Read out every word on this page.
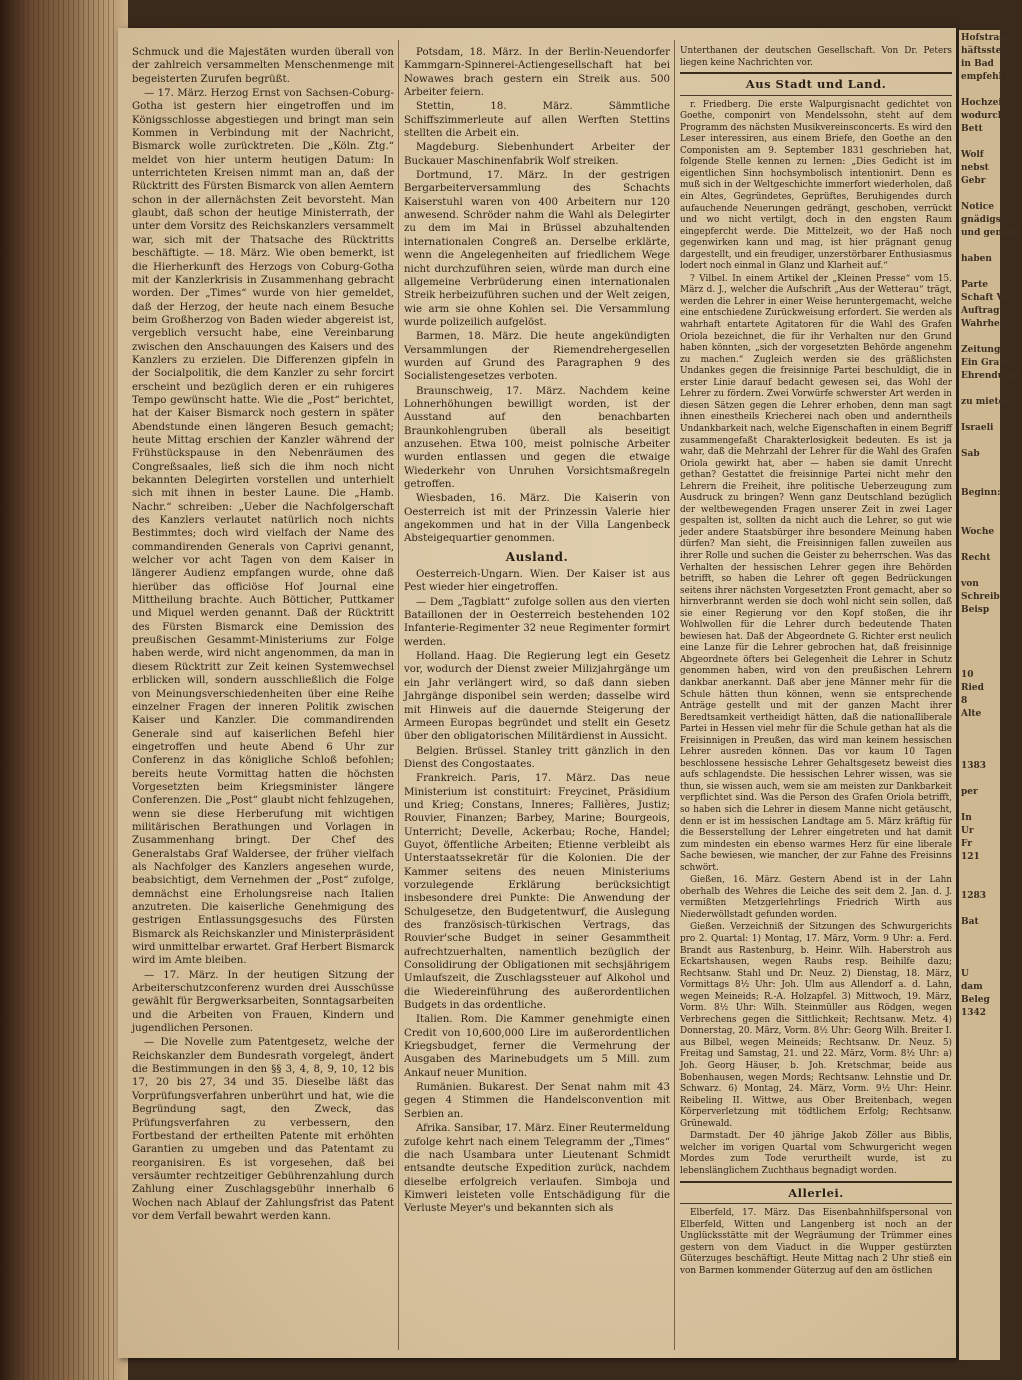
Schmuck und die Majestäten wurden überall von der zahlreich versammelten Menschenmenge mit begeisterten Zurufen begrüßt.

— 17. März. Herzog Ernst von Sachsen-Coburg-Gotha ist gestern hier eingetroffen und im Königsschlosse abgestiegen und bringt man sein Kommen in Verbindung mit der Nachricht, Bismarck wolle zurücktreten. Die „Köln. Ztg.“ meldet von hier unterm heutigen Datum: In unterrichteten Kreisen nimmt man an, daß der Rücktritt des Fürsten Bismarck von allen Aemtern schon in der allernächsten Zeit bevorsteht. Man glaubt, daß schon der heutige Ministerrath, der unter dem Vorsitz des Reichskanzlers versammelt war, sich mit der Thatsache des Rücktritts beschäftigte. — 18. März. Wie oben bemerkt, ist die Hierherkunft des Herzogs von Coburg-Gotha mit der Kanzlerkrisis in Zusammenhang gebracht worden. Der „Times“ wurde von hier gemeldet, daß der Herzog, der heute nach einem Besuche beim Großherzog von Baden wieder abgereist ist, vergeblich versucht habe, eine Vereinbarung zwischen den Anschauungen des Kaisers und des Kanzlers zu erzielen. Die Differenzen gipfeln in der Socialpolitik, die dem Kanzler zu sehr forcirt erscheint und bezüglich deren er ein ruhigeres Tempo gewünscht hatte. Wie die „Post“ berichtet, hat der Kaiser Bismarck noch gestern in später Abendstunde einen längeren Besuch gemacht; heute Mittag erschien der Kanzler während der Frühstückspause in den Nebenräumen des Congreßsaales, ließ sich die ihm noch nicht bekannten Delegirten vorstellen und unterhielt sich mit ihnen in bester Laune. Die „Hamb. Nachr.“ schreiben: „Ueber die Nachfolgerschaft des Kanzlers verlautet natürlich noch nichts Bestimmtes; doch wird vielfach der Name des commandirenden Generals von Caprivi genannt, welcher vor acht Tagen von dem Kaiser in längerer Audienz empfangen wurde, ohne daß hierüber das officiöse Hof Journal eine Mittheilung brachte. Auch Bötticher, Puttkamer und Miquel werden genannt. Daß der Rücktritt des Fürsten Bismarck eine Demission des preußischen Gesammt-Ministeriums zur Folge haben werde, wird nicht angenommen, da man in diesem Rücktritt zur Zeit keinen Systemwechsel erblicken will, sondern ausschließlich die Folge von Meinungsverschiedenheiten über eine Reihe einzelner Fragen der inneren Politik zwischen Kaiser und Kanzler. Die commandirenden Generale sind auf kaiserlichen Befehl hier eingetroffen und heute Abend 6 Uhr zur Conferenz in das königliche Schloß befohlen; bereits heute Vormittag hatten die höchsten Vorgesetzten beim Kriegsminister längere Conferenzen. Die „Post“ glaubt nicht fehlzugehen, wenn sie diese Herberufung mit wichtigen militärischen Berathungen und Vorlagen in Zusammenhang bringt. Der Chef des Generalstabs Graf Waldersee, der früher vielfach als Nachfolger des Kanzlers angesehen wurde, beabsichtigt, dem Vernehmen der „Post“ zufolge, demnächst eine Erholungsreise nach Italien anzutreten. Die kaiserliche Genehmigung des gestrigen Entlassungsgesuchs des Fürsten Bismarck als Reichskanzler und Ministerpräsident wird unmittelbar erwartet. Graf Herbert Bismarck wird im Amte bleiben.

— 17. März. In der heutigen Sitzung der Arbeiterschutzconferenz wurden drei Ausschüsse gewählt für Bergwerksarbeiten, Sonntagsarbeiten und die Arbeiten von Frauen, Kindern und jugendlichen Personen.

— Die Novelle zum Patentgesetz, welche der Reichskanzler dem Bundesrath vorgelegt, ändert die Bestimmungen in den §§ 3, 4, 8, 9, 10, 12 bis 17, 20 bis 27, 34 und 35. Dieselbe läßt das Vorprüfungsverfahren unberührt und hat, wie die Begründung sagt, den Zweck, das Prüfungsverfahren zu verbessern, den Fortbestand der ertheilten Patente mit erhöhten Garantien zu umgeben und das Patentamt zu reorganisiren. Es ist vorgesehen, daß bei versäumter rechtzeitiger Gebührenzahlung durch Zahlung einer Zuschlagsgebühr innerhalb 6 Wochen nach Ablauf der Zahlungsfrist das Patent vor dem Verfall bewahrt werden kann.

Potsdam, 18. März. In der Berlin-Neuendorfer Kammgarn-Spinnerei-Actiengesellschaft hat bei Nowawes brach gestern ein Streik aus. 500 Arbeiter feiern.

Stettin, 18. März. Sämmtliche Schiffszimmerleute auf allen Werften Stettins stellten die Arbeit ein.

Magdeburg. Siebenhundert Arbeiter der Buckauer Maschinenfabrik Wolf streiken.

Dortmund, 17. März. In der gestrigen Bergarbeiterversammlung des Schachts Kaiserstuhl waren von 400 Arbeitern nur 120 anwesend. Schröder nahm die Wahl als Delegirter zu dem im Mai in Brüssel abzuhaltenden internationalen Congreß an. Derselbe erklärte, wenn die Angelegenheiten auf friedlichem Wege nicht durchzuführen seien, würde man durch eine allgemeine Verbrüderung einen internationalen Streik herbeizuführen suchen und der Welt zeigen, wie arm sie ohne Kohlen sei. Die Versammlung wurde polizeilich aufgelöst.

Barmen, 18. März. Die heute angekündigten Versammlungen der Riemendrehergesellen wurden auf Grund des Paragraphen 9 des Socialistengesetzes verboten.

Braunschweig, 17. März. Nachdem keine Lohnerhöhungen bewilligt worden, ist der Ausstand auf den benachbarten Braunkohlengruben überall als beseitigt anzusehen. Etwa 100, meist polnische Arbeiter wurden entlassen und gegen die etwaige Wiederkehr von Unruhen Vorsichtsmaßregeln getroffen.

Wiesbaden, 16. März. Die Kaiserin von Oesterreich ist mit der Prinzessin Valerie hier angekommen und hat in der Villa Langenbeck Absteigequartier genommen.

Ausland.

Oesterreich-Ungarn. Wien. Der Kaiser ist aus Pest wieder hier eingetroffen.

— Dem „Tagblatt“ zufolge sollen aus den vierten Bataillonen der in Oesterreich bestehenden 102 Infanterie-Regimenter 32 neue Regimenter formirt werden.

Holland. Haag. Die Regierung legt ein Gesetz vor, wodurch der Dienst zweier Milizjahrgänge um ein Jahr verlängert wird, so daß dann sieben Jahrgänge disponibel sein werden; dasselbe wird mit Hinweis auf die dauernde Steigerung der Armeen Europas begründet und stellt ein Gesetz über den obligatorischen Militärdienst in Aussicht.

Belgien. Brüssel. Stanley tritt gänzlich in den Dienst des Congostaates.

Frankreich. Paris, 17. März. Das neue Ministerium ist constituirt: Freycinet, Präsidium und Krieg; Constans, Inneres; Fallières, Justiz; Rouvier, Finanzen; Barbey, Marine; Bourgeois, Unterricht; Develle, Ackerbau; Roche, Handel; Guyot, öffentliche Arbeiten; Etienne verbleibt als Unterstaatssekretär für die Kolonien. Die der Kammer seitens des neuen Ministeriums vorzulegende Erklärung berücksichtigt insbesondere drei Punkte: Die Anwendung der Schulgesetze, den Budgetentwurf, die Auslegung des französisch-türkischen Vertrags, das Rouvier'sche Budget in seiner Gesammtheit aufrechtzuerhalten, namentlich bezüglich der Consolidirung der Obligationen mit sechsjährigem Umlaufszeit, die Zuschlagssteuer auf Alkohol und die Wiedereinführung des außerordentlichen Budgets in das ordentliche.

Italien. Rom. Die Kammer genehmigte einen Credit von 10,600,000 Lire im außerordentlichen Kriegsbudget, ferner die Vermehrung der Ausgaben des Marinebudgets um 5 Mill. zum Ankauf neuer Munition.

Rumänien. Bukarest. Der Senat nahm mit 43 gegen 4 Stimmen die Handelsconvention mit Serbien an.

Afrika. Sansibar, 17. März. Einer Reutermeldung zufolge kehrt nach einem Telegramm der „Times“ die nach Usambara unter Lieutenant Schmidt entsandte deutsche Expedition zurück, nachdem dieselbe erfolgreich verlaufen. Simboja und Kimweri leisteten volle Entschädigung für die Verluste Meyer's und bekannten sich als

Unterthanen der deutschen Gesellschaft. Von Dr. Peters liegen keine Nachrichten vor.

Aus Stadt und Land.

r. Friedberg. Die erste Walpurgisnacht gedichtet von Goethe, componirt von Mendelssohn, steht auf dem Programm des nächsten Musikvereinsconcerts. Es wird den Leser interessiren, aus einem Briefe, den Goethe an den Componisten am 9. September 1831 geschrieben hat, folgende Stelle kennen zu lernen: „Dies Gedicht ist im eigentlichen Sinn hochsymbolisch intentionirt. Denn es muß sich in der Weltgeschichte immerfort wiederholen, daß ein Altes, Gegründetes, Geprüftes, Beruhigendes durch aufauchende Neuerungen gedrängt, geschoben, verrückt und wo nicht vertilgt, doch in den engsten Raum eingepfercht werde. Die Mittelzeit, wo der Haß noch gegenwirken kann und mag, ist hier prägnant genug dargestellt, und ein freudiger, unzerstörbarer Enthusiasmus lodert noch einmal in Glanz und Klarheit auf.“

? Vilbel. In einem Artikel der „Kleinen Presse“ vom 15. März d. J., welcher die Aufschrift „Aus der Wetterau“ trägt, werden die Lehrer in einer Weise heruntergemacht, welche eine entschiedene Zurückweisung erfordert. Sie werden als wahrhaft entartete Agitatoren für die Wahl des Grafen Oriola bezeichnet, die für ihr Verhalten nur den Grund haben könnten, „sich der vorgesetzten Behörde angenehm zu machen.“ Zugleich werden sie des gräßlichsten Undankes gegen die freisinnige Partei beschuldigt, die in erster Linie darauf bedacht gewesen sei, das Wohl der Lehrer zu fördern. Zwei Vorwürfe schwerster Art werden in diesen Sätzen gegen die Lehrer erhoben, denn man sagt ihnen einestheils Kriecherei nach oben und anderntheils Undankbarkeit nach, welche Eigenschaften in einem Begriff zusammengefaßt Charakterlosigkeit bedeuten. Es ist ja wahr, daß die Mehrzahl der Lehrer für die Wahl des Grafen Oriola gewirkt hat, aber — haben sie damit Unrecht gethan? Gestattet die freisinnige Partei nicht mehr den Lehrern die Freiheit, ihre politische Ueberzeugung zum Ausdruck zu bringen? Wenn ganz Deutschland bezüglich der weltbewegenden Fragen unserer Zeit in zwei Lager gespalten ist, sollten da nicht auch die Lehrer, so gut wie jeder andere Staatsbürger ihre besondere Meinung haben dürfen? Man sieht, die Freisinnigen fallen zuweilen aus ihrer Rolle und suchen die Geister zu beherrschen. Was das Verhalten der hessischen Lehrer gegen ihre Behörden betrifft, so haben die Lehrer oft gegen Bedrückungen seitens ihrer nächsten Vorgesetzten Front gemacht, aber so hirnverbrannt werden sie doch wohl nicht sein sollen, daß sie einer Regierung vor den Kopf stoßen, die ihr Wohlwollen für die Lehrer durch bedeutende Thaten bewiesen hat. Daß der Abgeordnete G. Richter erst neulich eine Lanze für die Lehrer gebrochen hat, daß freisinnige Abgeordnete öfters bei Gelegenheit die Lehrer in Schutz genommen haben, wird von den preußischen Lehrern dankbar anerkannt. Daß aber jene Männer mehr für die Schule hätten thun können, wenn sie entsprechende Anträge gestellt und mit der ganzen Macht ihrer Beredtsamkeit vertheidigt hätten, daß die nationalliberale Partei in Hessen viel mehr für die Schule gethan hat als die Freisinnigen in Preußen, das wird man keinem hessischen Lehrer ausreden können. Das vor kaum 10 Tagen beschlossene hessische Lehrer Gehaltsgesetz beweist dies aufs schlagendste. Die hessischen Lehrer wissen, was sie thun, sie wissen auch, wem sie am meisten zur Dankbarkeit verpflichtet sind. Was die Person des Grafen Oriola betrifft, so haben sich die Lehrer in diesem Manne nicht getäuscht, denn er ist im hessischen Landtage am 5. März kräftig für die Besserstellung der Lehrer eingetreten und hat damit zum mindesten ein ebenso warmes Herz für eine liberale Sache bewiesen, wie mancher, der zur Fahne des Freisinns schwört.

Gießen, 16. März. Gestern Abend ist in der Lahn oberhalb des Wehres die Leiche des seit dem 2. Jan. d. J. vermißten Metzgerlehrlings Friedrich Wirth aus Niederwöllstadt gefunden worden.

Gießen. Verzeichniß der Sitzungen des Schwurgerichts pro 2. Quartal: 1) Montag, 17. März, Vorm. 9 Uhr: a. Ferd. Brandt aus Rastenburg, b. Heinr. Wilh. Haberstroh aus Eckartshausen, wegen Raubs resp. Beihilfe dazu; Rechtsanw. Stahl und Dr. Neuz. 2) Dienstag, 18. März, Vormittags 8½ Uhr: Joh. Ulm aus Allendorf a. d. Lahn, wegen Meineids; R.-A. Holzapfel. 3) Mittwoch, 19. März, Vorm. 8½ Uhr: Wilh. Steinmüller aus Rödgen, wegen Verbrechens gegen die Sittlichkeit; Rechtsanw. Metz. 4) Donnerstag, 20. März, Vorm. 8½ Uhr: Georg Wilh. Breiter I. aus Bilbel, wegen Meineids; Rechtsanw. Dr. Neuz. 5) Freitag und Samstag, 21. und 22. März, Vorm. 8½ Uhr: a) Joh. Georg Häuser, b. Joh. Kretschmar, beide aus Bobenhausen, wegen Mords; Rechtsanw. Lehnstie und Dr. Schwarz. 6) Montag, 24. März, Vorm. 9½ Uhr: Heinr. Reibeling II. Wittwe, aus Ober Breitenbach, wegen Körperverletzung mit tödtlichem Erfolg; Rechtsanw. Grünewald.

Darmstadt. Der 40 jährige Jakob Zöller aus Biblis, welcher im vorigen Quartal vom Schwurgericht wegen Mordes zum Tode verurtheilt wurde, ist zu lebenslänglichem Zuchthaus begnadigt worden.

Allerlei.

Elberfeld, 17. März. Das Eisenbahnhilfspersonal von Elberfeld, Witten und Langenberg ist noch an der Unglücksstätte mit der Wegräumung der Trümmer eines gestern von dem Viaduct in die Wupper gestürzten Güterzuges beschäftigt. Heute Mittag nach 2 Uhr stieß ein von Barmen kommender Güterzug auf den am östlichen

Hofstrasse
häftsstelle
in Bad
empfehl

Hochzeit
wodurch
Bett

Wolf
nebst
Gebr

Notice
gnädigste
und geneigt

haben

Parte
Schaft Vo
Auftrag
Wahrheit

Zeitung
Ein Gratis
Ehrendung

zu mieten

Israeli

Sab

Beginn:

Woche

Recht

von
Schreib
Beisp

10
Ried
8
Alte

1383

per

In
Ur
Fr
121

1283

Bat

U
dam
Beleg
1342
